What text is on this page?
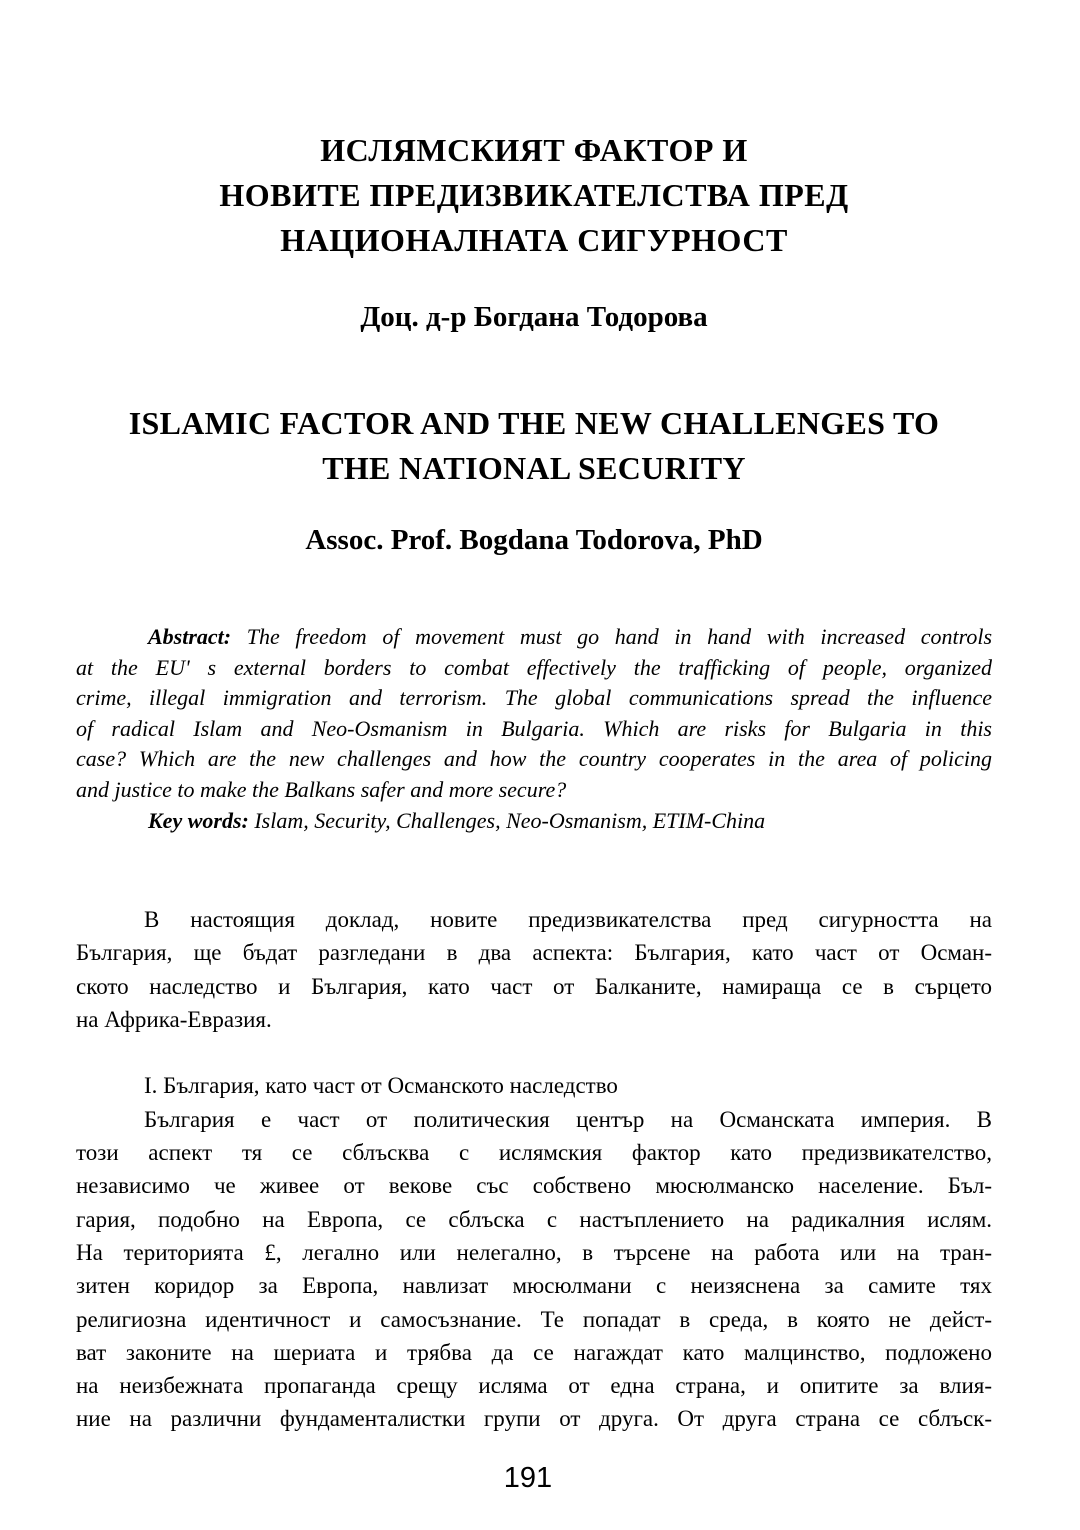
ИСЛЯМСКИЯТ ФАКТОР И
НОВИТЕ ПРЕДИЗВИКАТЕЛСТВА ПРЕД
НАЦИОНАЛНАТА СИГУРНОСТ
Доц. д-р Богдана Тодорова
ISLAMIC FACTOR AND THE NEW CHALLENGES TO
THE NATIONAL SECURITY
Assoc. Prof. Bogdana Todorova, PhD
Abstract: The freedom of movement must go hand in hand with increased controls
at the EU' s external borders to combat effectively the trafficking of people, organized
crime, illegal immigration and terrorism. The global communications spread the influence
of radical Islam and Neo-Osmanism in Bulgaria. Which are risks for Bulgaria in this
case? Which are the new challenges and how the country cooperates in the area of policing
and justice to make the Balkans safer and more secure?
Key words: Islam, Security, Challenges, Neo-Osmanism, ETIM-China
В настоящия доклад, новите предизвикателства пред сигурността на
България, ще бъдат разгледани в два аспекта: България, като част от Осман-
ското наследство и България, като част от Балканите, намираща се в сърцето
на Африка-Евразия.
I. България, като част от Османското наследство
България е част от политическия център на Османската империя. В
този аспект тя се сблъсква с ислямския фактор като предизвикателство,
независимо че живее от векове със собствено мюсюлманско население. Бъл-
гария, подобно на Европа, се сблъска с настъплението на радикалния ислям.
На територията £, легално или нелегално, в търсене на работа или на тран-
зитен коридор за Европа, навлизат мюсюлмани с неизяснена за самите тях
религиозна идентичност и самосъзнание. Те попадат в среда, в която не дейст-
ват законите на шериата и трябва да се нагаждат като малцинство, подложено
на неизбежната пропаганда срещу исляма от една страна, и опитите за влия-
ние на различни фундаменталистки групи от друга. От друга страна се сблъск-
191
